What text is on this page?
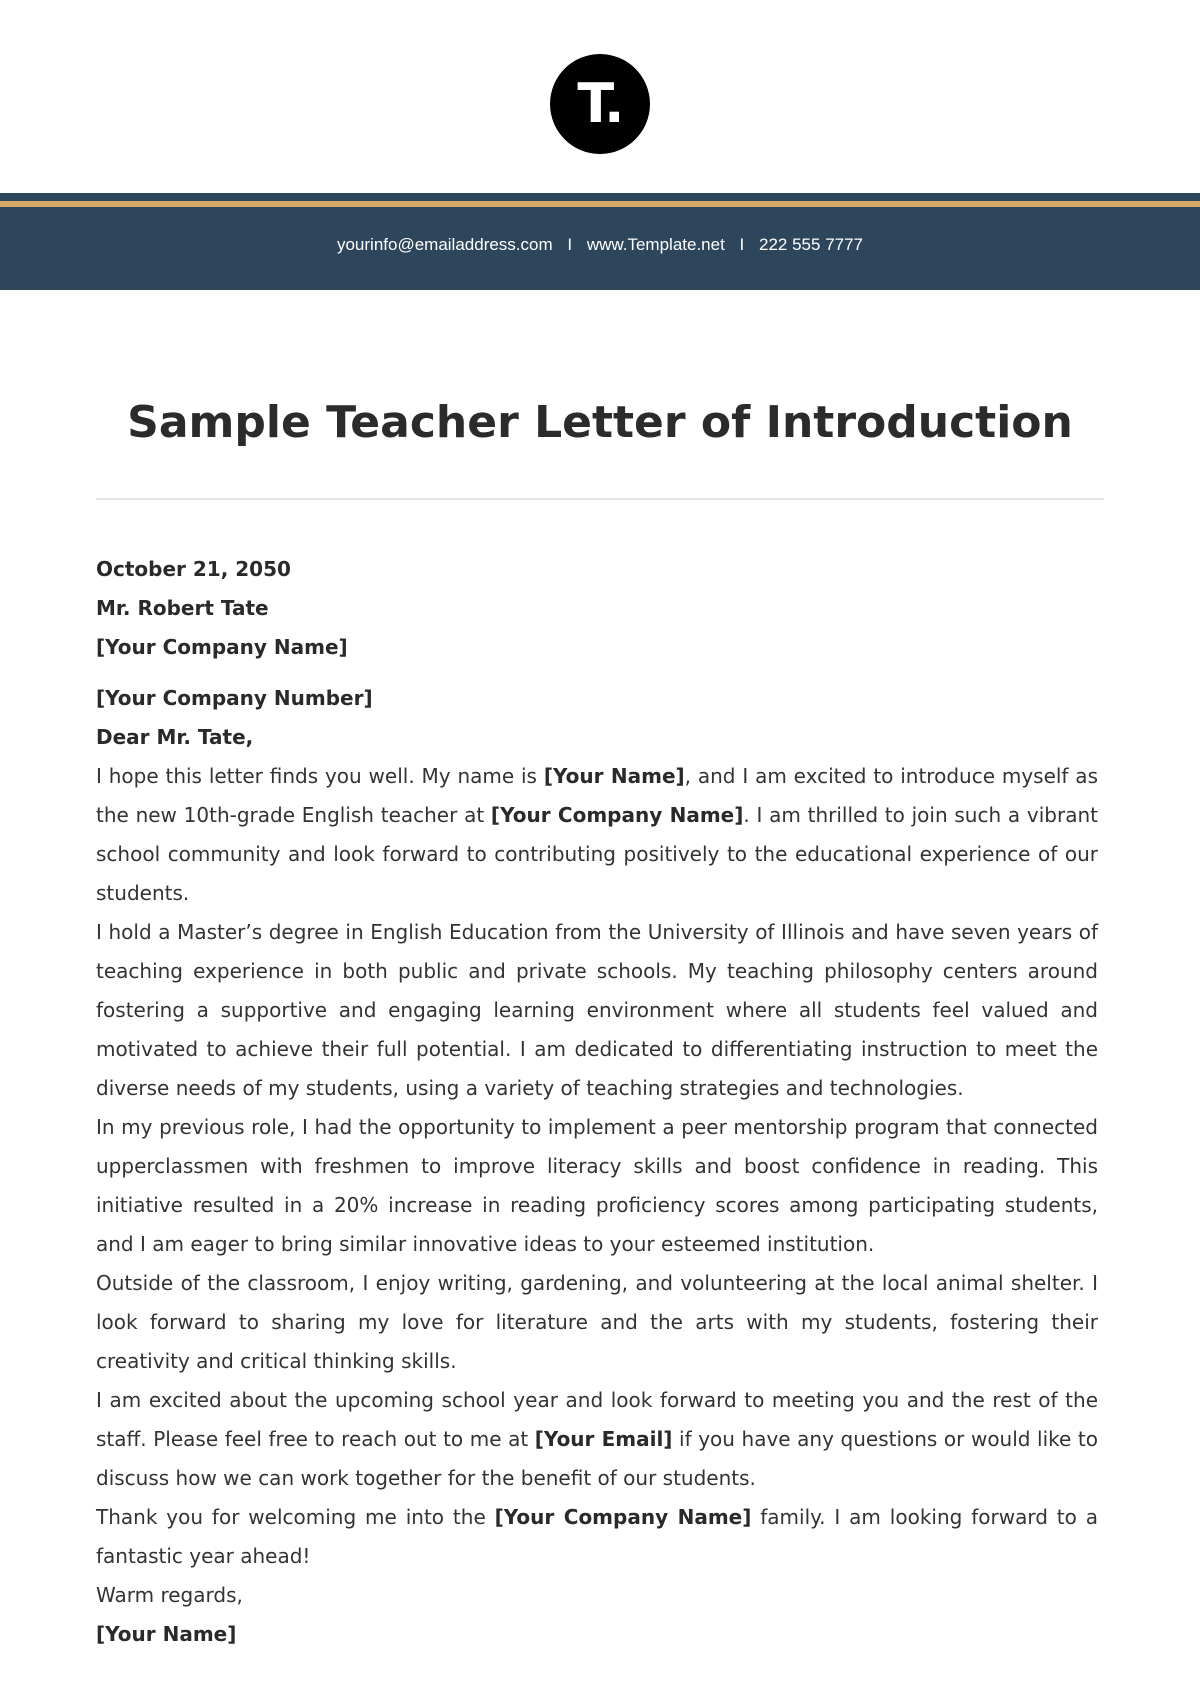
T.
yourinfo@emailaddress.com I www.Template.net I 222 555 7777
Sample Teacher Letter of Introduction

October 21, 2050

Mr. Robert Tate

[Your Company Name]

[Your Company Number]

Dear Mr. Tate,

I hope this letter finds you well. My name is [Your Name], and I am excited to introduce myself as the new 10th-grade English teacher at [Your Company Name]. I am thrilled to join such a vibrant school community and look forward to contributing positively to the educational experience of our students.

I hold a Master’s degree in English Education from the University of Illinois and have seven years of teaching experience in both public and private schools. My teaching philosophy centers around fostering a supportive and engaging learning environment where all students feel valued and motivated to achieve their full potential. I am dedicated to differentiating instruction to meet the diverse needs of my students, using a variety of teaching strategies and technologies.

In my previous role, I had the opportunity to implement a peer mentorship program that connected upperclassmen with freshmen to improve literacy skills and boost confidence in reading. This initiative resulted in a 20% increase in reading proficiency scores among participating students, and I am eager to bring similar innovative ideas to your esteemed institution.

Outside of the classroom, I enjoy writing, gardening, and volunteering at the local animal shelter. I look forward to sharing my love for literature and the arts with my students, fostering their creativity and critical thinking skills.

I am excited about the upcoming school year and look forward to meeting you and the rest of the staff. Please feel free to reach out to me at [Your Email] if you have any questions or would like to discuss how we can work together for the benefit of our students.

Thank you for welcoming me into the [Your Company Name] family. I am looking forward to a fantastic year ahead!

Warm regards,

[Your Name]
